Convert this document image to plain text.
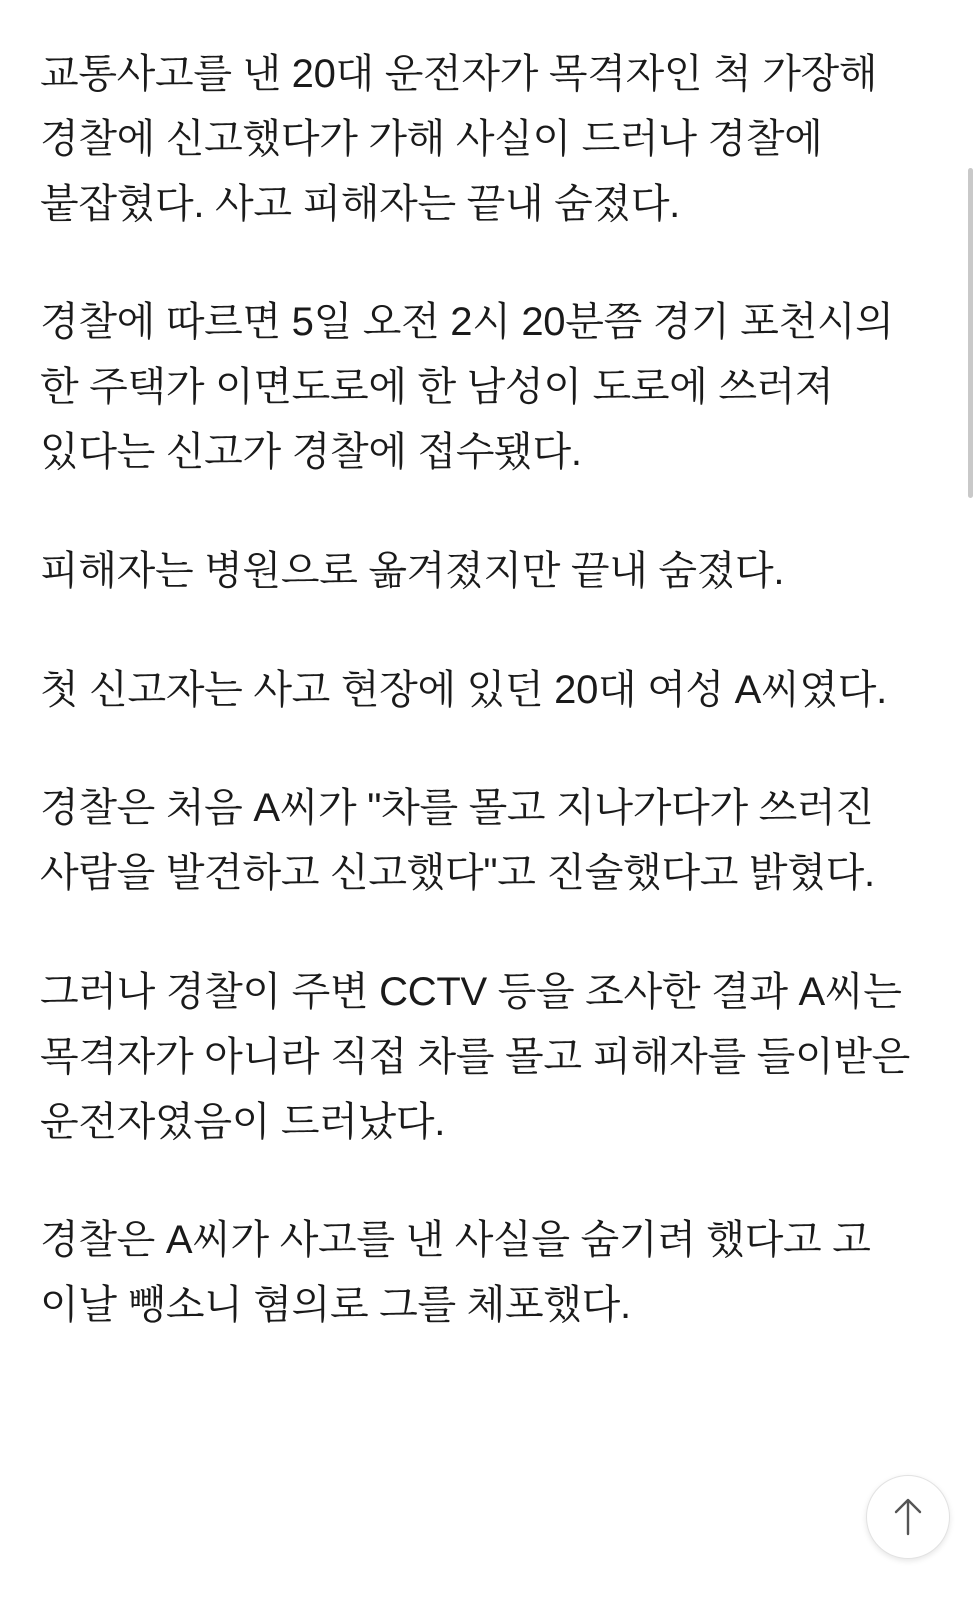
교통사고를 낸 20대 운전자가 목격자인 척 가장해 경찰에 신고했다가 가해 사실이 드러나 경찰에 붙잡혔다. 사고 피해자는 끝내 숨졌다.

경찰에 따르면 5일 오전 2시 20분쯤 경기 포천시의 한 주택가 이면도로에 한 남성이 도로에 쓰러져 있다는 신고가 경찰에 접수됐다.

피해자는 병원으로 옮겨졌지만 끝내 숨졌다.

첫 신고자는 사고 현장에 있던 20대 여성 A씨였다.

경찰은 처음 A씨가 "차를 몰고 지나가다가 쓰러진 사람을 발견하고 신고했다"고 진술했다고 밝혔다.

그러나 경찰이 주변 CCTV 등을 조사한 결과 A씨는 목격자가 아니라 직접 차를 몰고 피해자를 들이받은 운전자였음이 드러났다.

경찰은 A씨가 사고를 낸 사실을 숨기려 했다고 고 이날 뺑소니 혐의로 그를 체포했다.
